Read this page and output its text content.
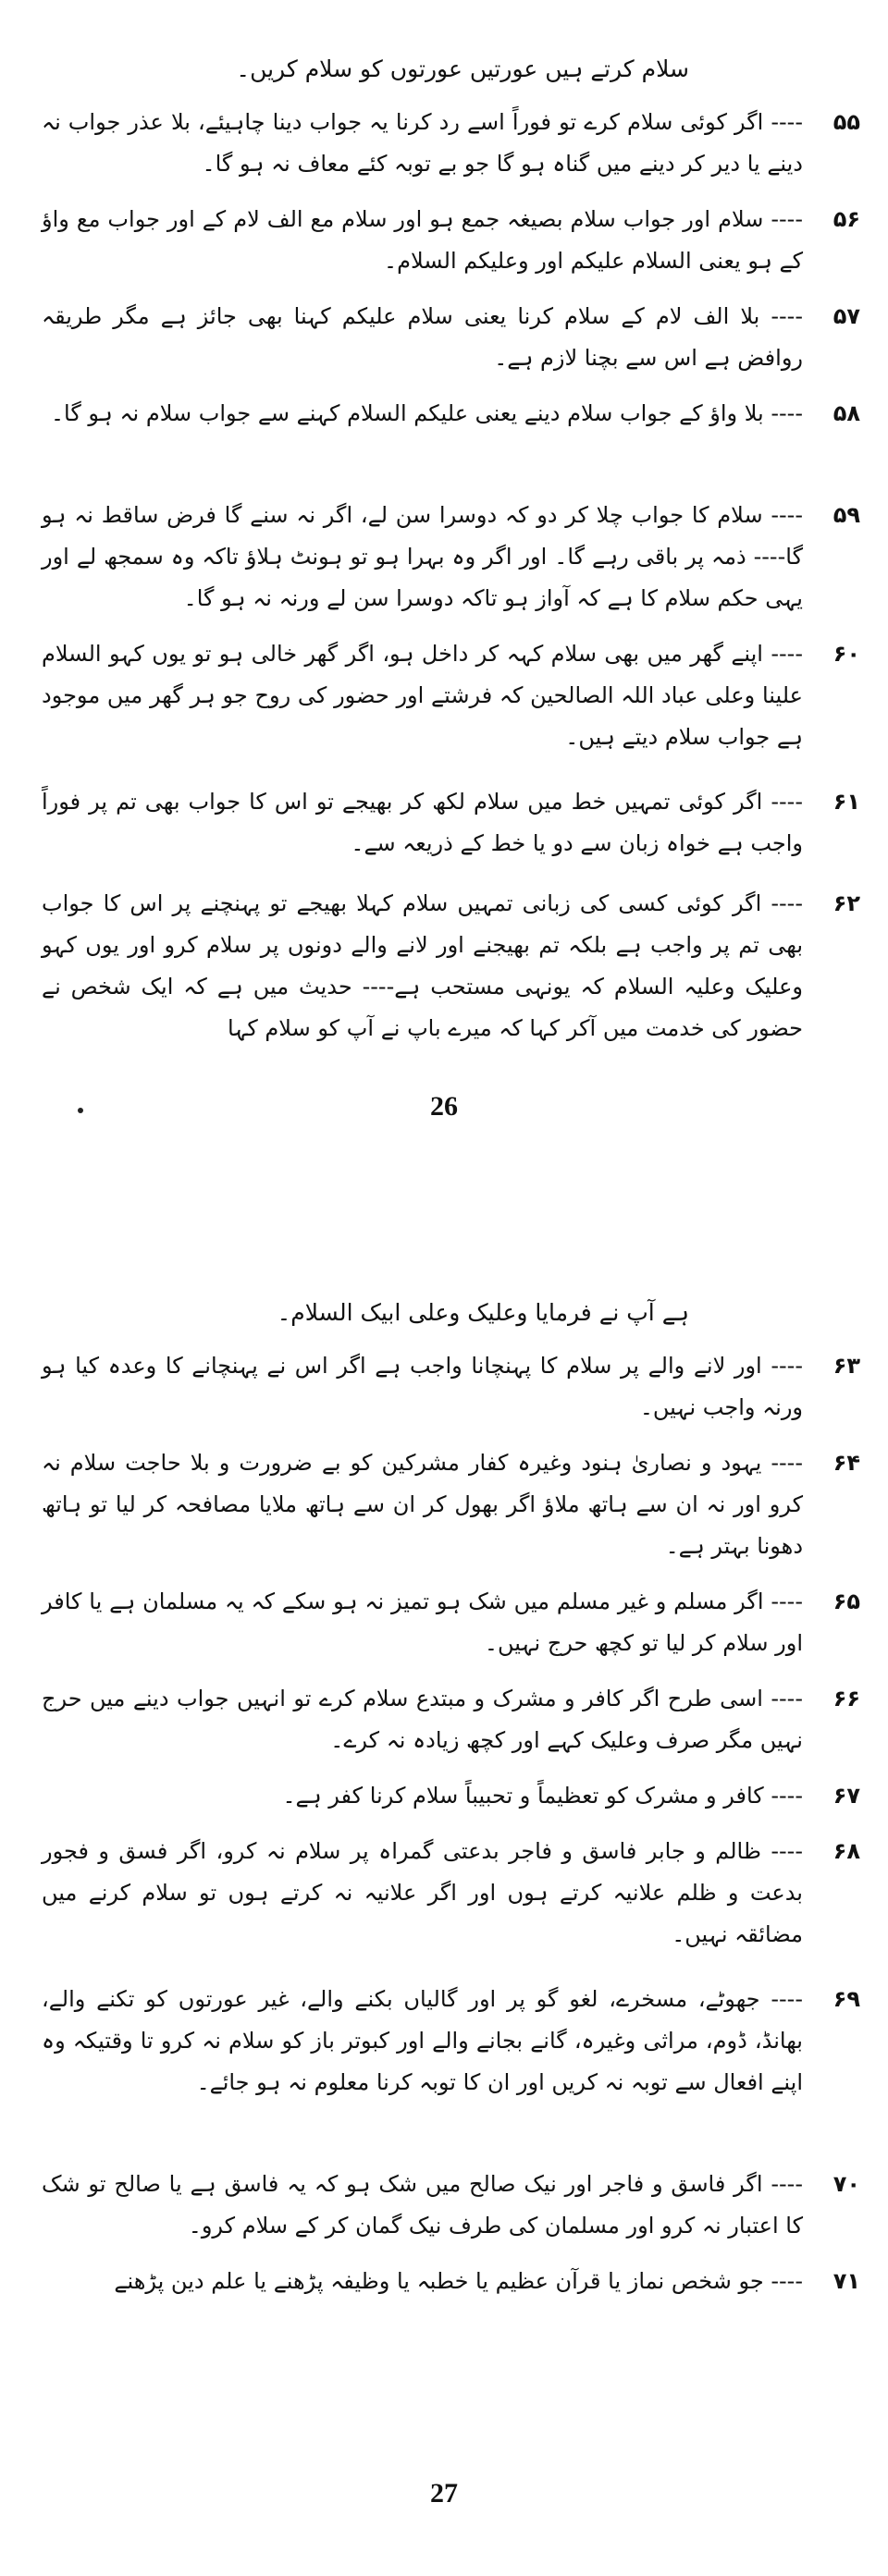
سلام کرتے ہیں عورتیں عورتوں کو سلام کریں۔
۵۵
---- اگر کوئی سلام کرے تو فوراً اسے رد کرنا یہ جواب دینا چاہیئے، بلا عذر جواب نہ دینے یا دیر کر دینے میں گناہ ہو گا جو بے توبہ کئے معاف نہ ہو گا۔
۵۶
---- سلام اور جواب سلام بصیغہ جمع ہو اور سلام مع الف لام کے اور جواب مع واؤ کے ہو یعنی السلام علیکم اور وعلیکم السلام۔
۵۷
---- بلا الف لام کے سلام کرنا یعنی سلام علیکم کہنا بھی جائز ہے مگر طریقہ روافض ہے اس سے بچنا لازم ہے۔
۵۸
---- بلا واؤ کے جواب سلام دینے یعنی علیکم السلام کہنے سے جواب سلام نہ ہو گا۔
۵۹
---- سلام کا جواب چلا کر دو کہ دوسرا سن لے، اگر نہ سنے گا فرض ساقط نہ ہو گا---- ذمہ پر باقی رہے گا۔ اور اگر وہ بہرا ہو تو ہونٹ ہلاؤ تاکہ وہ سمجھ لے اور یہی حکم سلام کا ہے کہ آواز ہو تاکہ دوسرا سن لے ورنہ نہ ہو گا۔
۶۰
---- اپنے گھر میں بھی سلام کہہ کر داخل ہو، اگر گھر خالی ہو تو یوں کہو السلام علینا وعلی عباد اللہ الصالحین کہ فرشتے اور حضور کی روح جو ہر گھر میں موجود ہے جواب سلام دیتے ہیں۔
۶۱
---- اگر کوئی تمہیں خط میں سلام لکھ کر بھیجے تو اس کا جواب بھی تم پر فوراً واجب ہے خواہ زبان سے دو یا خط کے ذریعہ سے۔
۶۲
---- اگر کوئی کسی کی زبانی تمہیں سلام کہلا بھیجے تو پہنچنے پر اس کا جواب بھی تم پر واجب ہے بلکہ تم بھیجنے اور لانے والے دونوں پر سلام کرو اور یوں کہو وعلیک وعلیہ السلام کہ یونہی مستحب ہے---- حدیث میں ہے کہ ایک شخص نے حضور کی خدمت میں آکر کہا کہ میرے باپ نے آپ کو سلام کہا
26
ہے آپ نے فرمایا وعلیک وعلی ابیک السلام۔
۶۳
---- اور لانے والے پر سلام کا پہنچانا واجب ہے اگر اس نے پہنچانے کا وعدہ کیا ہو ورنہ واجب نہیں۔
۶۴
---- یہود و نصاریٰ ہنود وغیرہ کفار مشرکین کو بے ضرورت و بلا حاجت سلام نہ کرو اور نہ ان سے ہاتھ ملاؤ اگر بھول کر ان سے ہاتھ ملایا مصافحہ کر لیا تو ہاتھ دھونا بہتر ہے۔
۶۵
---- اگر مسلم و غیر مسلم میں شک ہو تمیز نہ ہو سکے کہ یہ مسلمان ہے یا کافر اور سلام کر لیا تو کچھ حرج نہیں۔
۶۶
---- اسی طرح اگر کافر و مشرک و مبتدع سلام کرے تو انہیں جواب دینے میں حرج نہیں مگر صرف وعلیک کہے اور کچھ زیادہ نہ کرے۔
۶۷
---- کافر و مشرک کو تعظیماً و تحبیباً سلام کرنا کفر ہے۔
۶۸
---- ظالم و جابر فاسق و فاجر بدعتی گمراہ پر سلام نہ کرو، اگر فسق و فجور بدعت و ظلم علانیہ کرتے ہوں اور اگر علانیہ نہ کرتے ہوں تو سلام کرنے میں مضائقہ نہیں۔
۶۹
---- جھوٹے، مسخرے، لغو گو پر اور گالیاں بکنے والے، غیر عورتوں کو تکنے والے، بھانڈ، ڈوم، مراثی وغیرہ، گانے بجانے والے اور کبوتر باز کو سلام نہ کرو تا وقتیکہ وہ اپنے افعال سے توبہ نہ کریں اور ان کا توبہ کرنا معلوم نہ ہو جائے۔
۷۰
---- اگر فاسق و فاجر اور نیک صالح میں شک ہو کہ یہ فاسق ہے یا صالح تو شک کا اعتبار نہ کرو اور مسلمان کی طرف نیک گمان کر کے سلام کرو۔
۷۱
---- جو شخص نماز یا قرآن عظیم یا خطبہ یا وظیفہ پڑھنے یا علم دین پڑھنے
27
